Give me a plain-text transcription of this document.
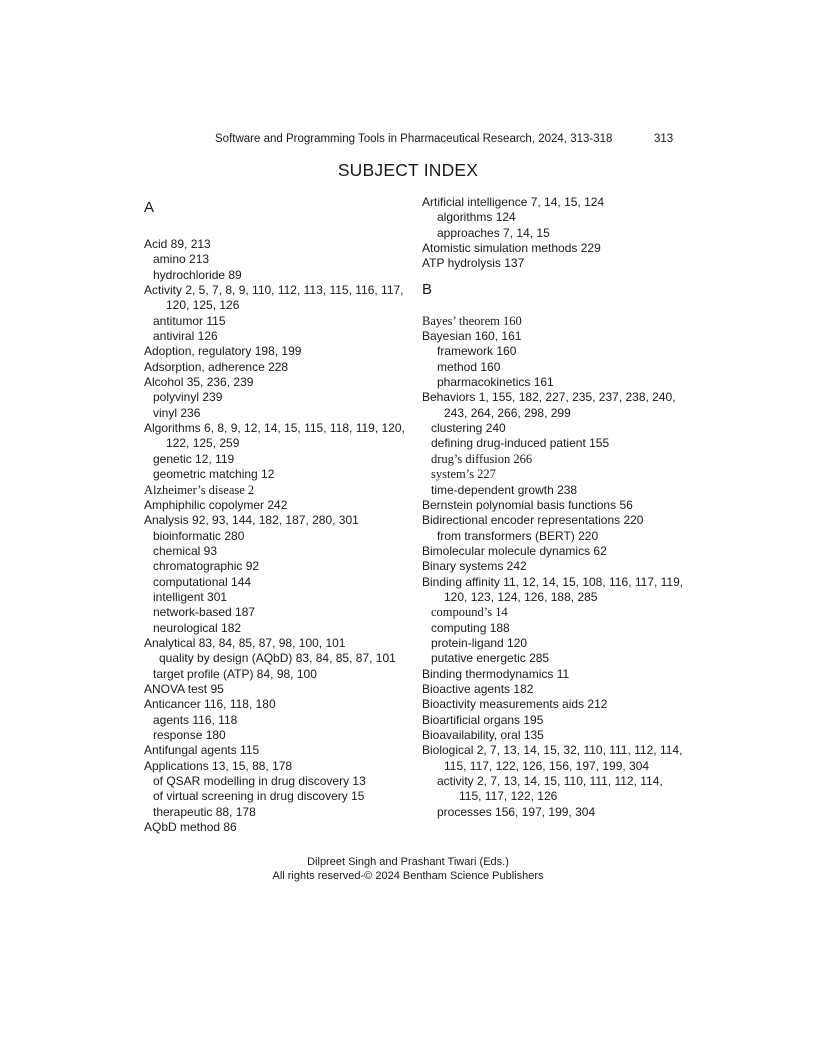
Software and Programming Tools in Pharmaceutical Research, 2024, 313-318	313
SUBJECT INDEX

A

Acid 89, 213

amino 213

hydrochloride 89

Activity 2, 5, 7, 8, 9, 110, 112, 113, 115, 116, 117, 120, 125, 126

antitumor 115

antiviral 126

Adoption, regulatory 198, 199

Adsorption, adherence 228

Alcohol 35, 236, 239

polyvinyl 239

vinyl 236

Algorithms 6, 8, 9, 12, 14, 15, 115, 118, 119, 120, 122, 125, 259

genetic 12, 119

geometric matching 12

Alzheimer’s disease 2

Amphiphilic copolymer 242

Analysis 92, 93, 144, 182, 187, 280, 301

bioinformatic 280

chemical 93

chromatographic 92

computational 144

intelligent 301

network-based 187

neurological 182

Analytical 83, 84, 85, 87, 98, 100, 101

quality by design (AQbD) 83, 84, 85, 87, 101

target profile (ATP) 84, 98, 100

ANOVA test 95

Anticancer 116, 118, 180

agents 116, 118

response 180

Antifungal agents 115

Applications 13, 15, 88, 178

of QSAR modelling in drug discovery 13

of virtual screening in drug discovery 15

therapeutic 88, 178

AQbD method 86

Artificial intelligence 7, 14, 15, 124

algorithms 124

approaches 7, 14, 15

Atomistic simulation methods 229

ATP hydrolysis 137

B

Bayes’ theorem 160

Bayesian 160, 161

framework 160

method 160

pharmacokinetics 161

Behaviors 1, 155, 182, 227, 235, 237, 238, 240, 243, 264, 266, 298, 299

clustering 240

defining drug-induced patient 155

drug’s diffusion 266

system’s 227

time-dependent growth 238

Bernstein polynomial basis functions 56

Bidirectional encoder representations 220

from transformers (BERT) 220

Bimolecular molecule dynamics 62

Binary systems 242

Binding affinity 11, 12, 14, 15, 108, 116, 117, 119, 120, 123, 124, 126, 188, 285

compound’s 14

computing 188

protein-ligand 120

putative energetic 285

Binding thermodynamics 11

Bioactive agents 182

Bioactivity measurements aids 212

Bioartificial organs 195

Bioavailability, oral 135

Biological 2, 7, 13, 14, 15, 32, 110, 111, 112, 114, 115, 117, 122, 126, 156, 197, 199, 304

activity 2, 7, 13, 14, 15, 110, 111, 112, 114, 115, 117, 122, 126

processes 156, 197, 199, 304

Dilpreet Singh and Prashant Tiwari (Eds.)
All rights reserved-© 2024 Bentham Science Publishers
